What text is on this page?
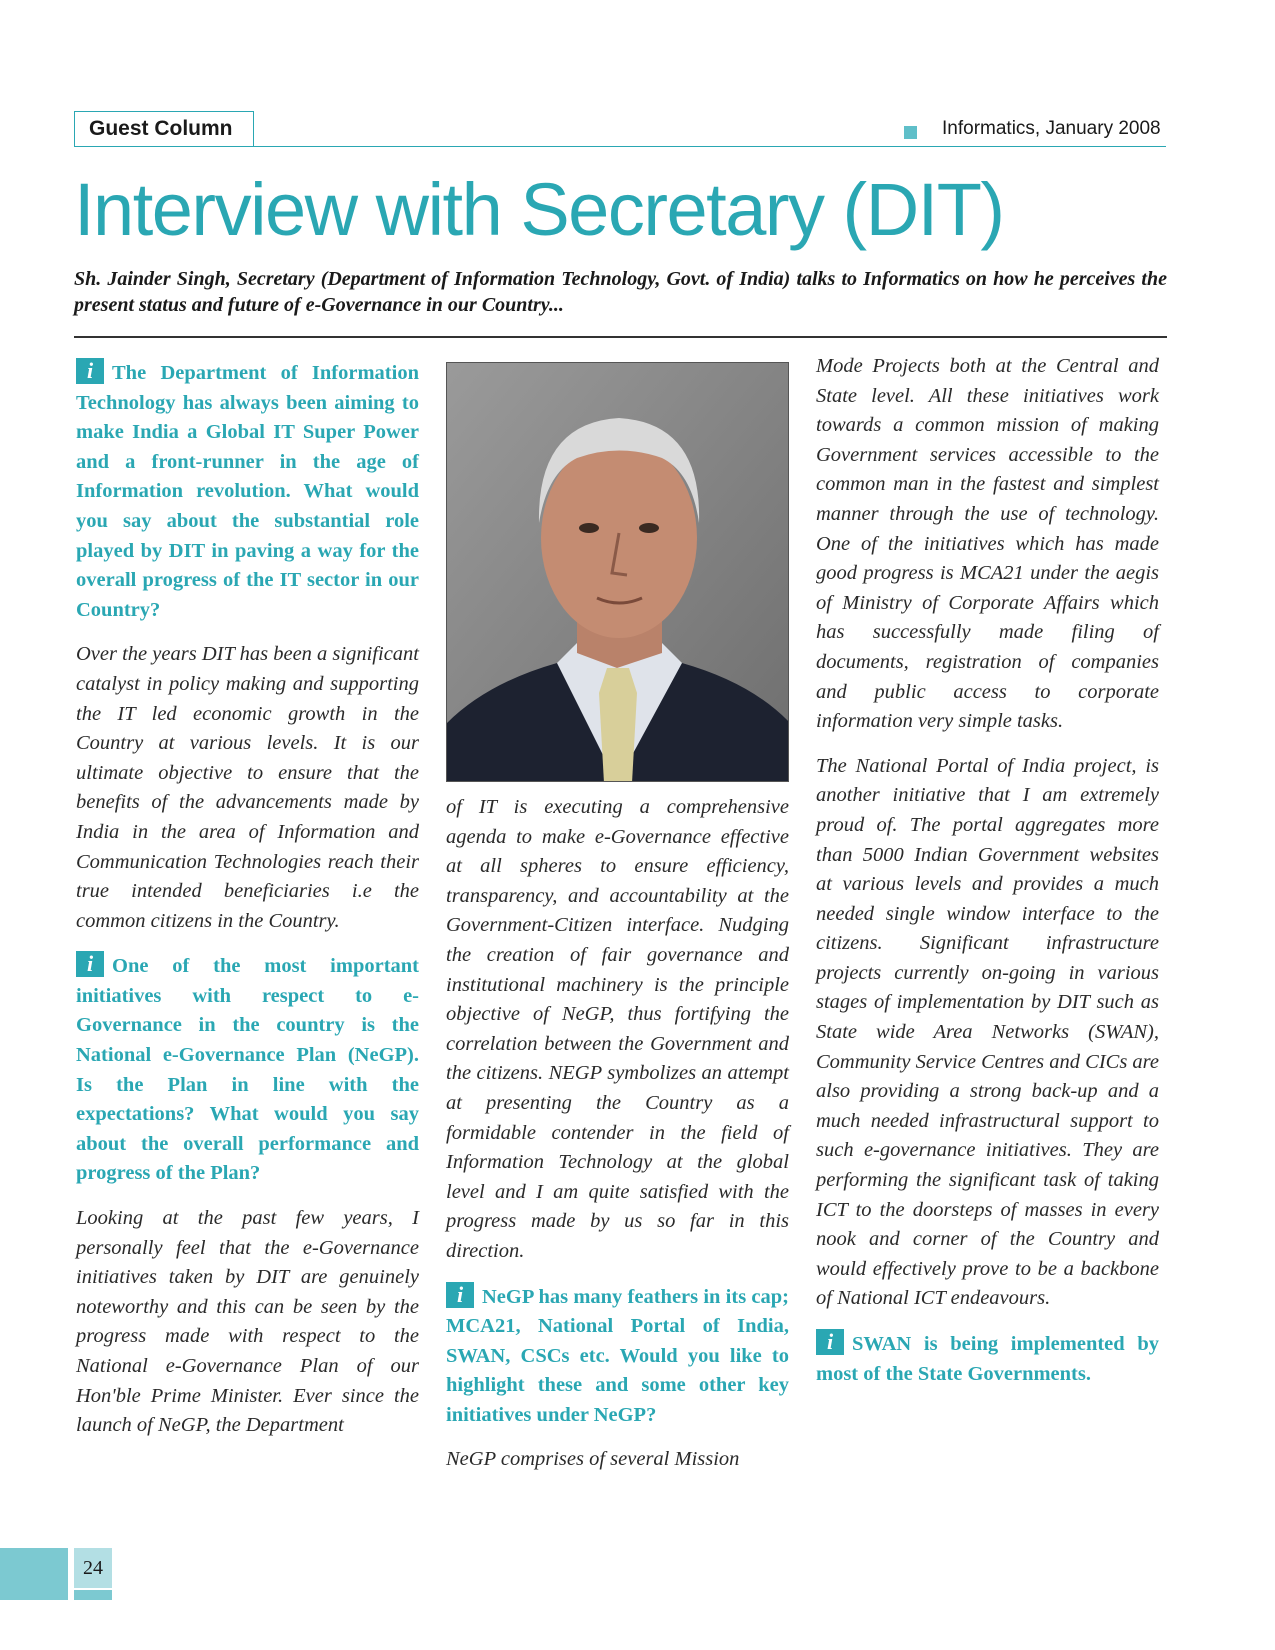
Guest Column	Informatics, January 2008
Interview with Secretary (DIT)

Sh. Jainder Singh, Secretary (Department of Information Technology, Govt. of India) talks to Informatics on how he perceives the present status and future of e-Governance in our Country...

i The Department of Information Technology has always been aiming to make India a Global IT Super Power and a front-runner in the age of Information revolution. What would you say about the substantial role played by DIT in paving a way for the overall progress of the IT sector in our Country?

Over the years DIT has been a significant catalyst in policy making and supporting the IT led economic growth in the Country at various levels. It is our ultimate objective to ensure that the benefits of the advancements made by India in the area of Information and Communication Technologies reach their true intended beneficiaries i.e the common citizens in the Country.

i One of the most important initiatives with respect to e-Governance in the country is the National e-Governance Plan (NeGP). Is the Plan in line with the expectations? What would you say about the overall performance and progress of the Plan?

Looking at the past few years, I personally feel that the e-Governance initiatives taken by DIT are genuinely noteworthy and this can be seen by the progress made with respect to the National e-Governance Plan of our Hon'ble Prime Minister. Ever since the launch of NeGP, the Department

of IT is executing a comprehensive agenda to make e-Governance effective at all spheres to ensure efficiency, transparency, and accountability at the Government-Citizen interface. Nudging the creation of fair governance and institutional machinery is the principle objective of NeGP, thus fortifying the correlation between the Government and the citizens. NEGP symbolizes an attempt at presenting the Country as a formidable contender in the field of Information Technology at the global level and I am quite satisfied with the progress made by us so far in this direction.

i NeGP has many feathers in its cap; MCA21, National Portal of India, SWAN, CSCs etc. Would you like to highlight these and some other key initiatives under NeGP?

NeGP comprises of several Mission

Mode Projects both at the Central and State level. All these initiatives work towards a common mission of making Government services accessible to the common man in the fastest and simplest manner through the use of technology. One of the initiatives which has made good progress is MCA21 under the aegis of Ministry of Corporate Affairs which has successfully made filing of documents, registration of companies and public access to corporate information very simple tasks.

The National Portal of India project, is another initiative that I am extremely proud of. The portal aggregates more than 5000 Indian Government websites at various levels and provides a much needed single window interface to the citizens. Significant infrastructure projects currently on-going in various stages of implementation by DIT such as State wide Area Networks (SWAN), Community Service Centres and CICs are also providing a strong back-up and a much needed infrastructural support to such e-governance initiatives. They are performing the significant task of taking ICT to the doorsteps of masses in every nook and corner of the Country and would effectively prove to be a backbone of National ICT endeavours.

i SWAN is being implemented by most of the State Governments.

24
